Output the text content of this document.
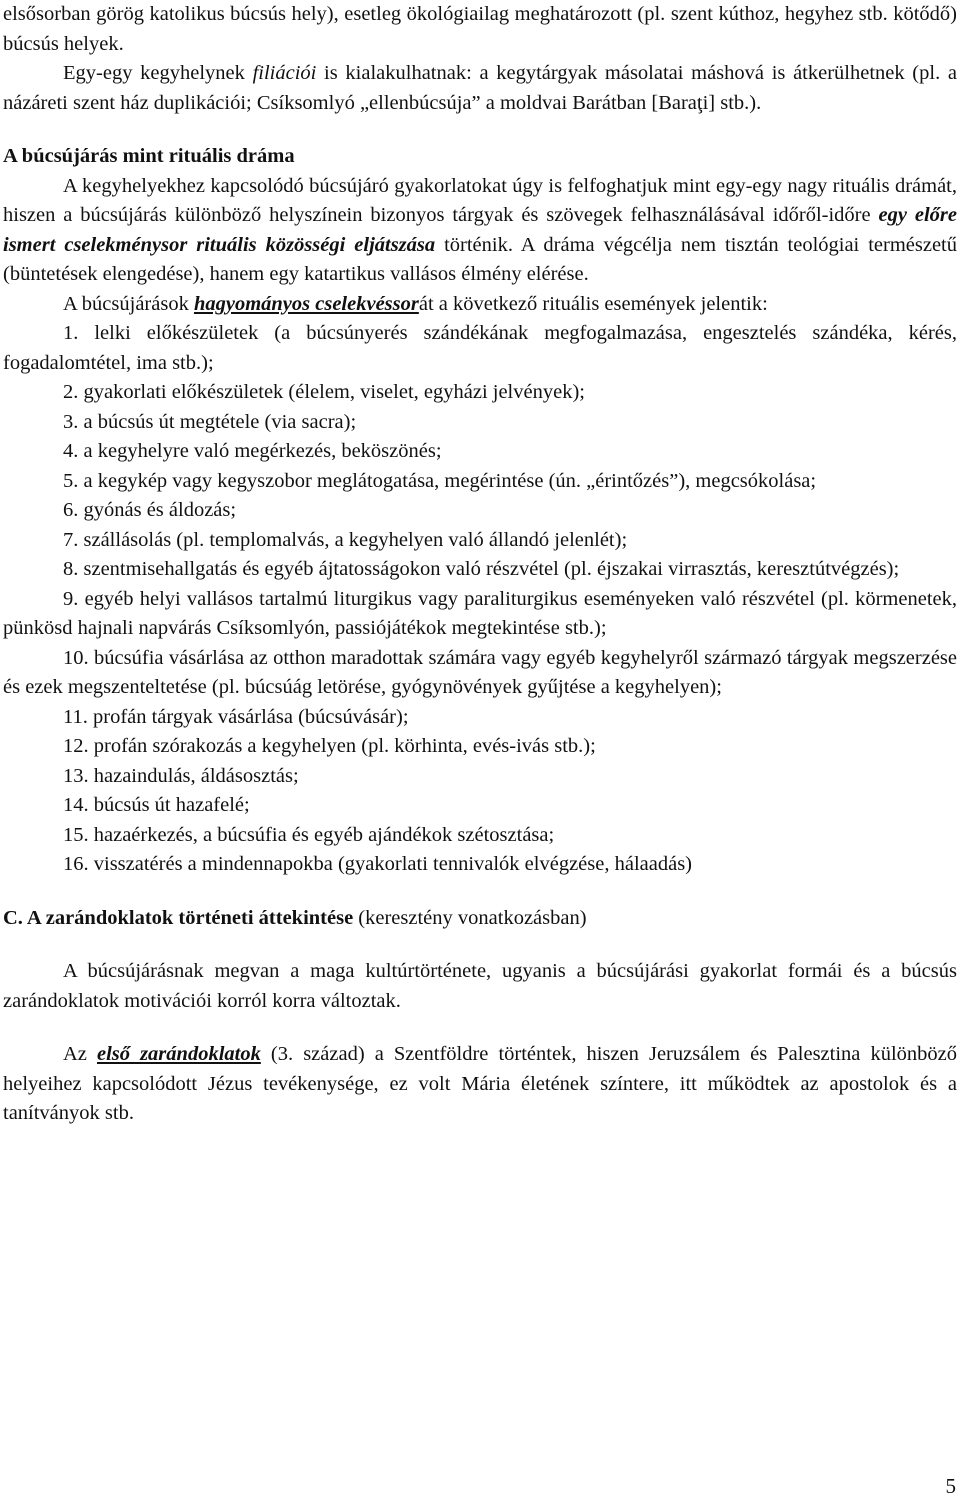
elsősorban görög katolikus búcsús hely), esetleg ökológiailag meghatározott (pl. szent kúthoz, hegyhez stb. kötődő) búcsús helyek.

Egy-egy kegyhelynek filiációi is kialakulhatnak: a kegytárgyak másolatai máshová is átkerülhetnek (pl. a názáreti szent ház duplikációi; Csíksomlyó „ellenbúcsúja” a moldvai Barátban [Baraţi] stb.).

A búcsújárás mint rituális dráma

A kegyhelyekhez kapcsolódó búcsújáró gyakorlatokat úgy is felfoghatjuk mint egy-egy nagy rituális drámát, hiszen a búcsújárás különböző helyszínein bizonyos tárgyak és szövegek felhasználásával időről-időre egy előre ismert cselekménysor rituális közösségi eljátszása történik. A dráma végcélja nem tisztán teológiai természetű (büntetések elengedése), hanem egy katartikus vallásos élmény elérése.

A búcsújárások hagyományos cselekvéssorát a következő rituális események jelentik:

1. lelki előkészületek (a búcsúnyerés szándékának megfogalmazása, engesztelés szándéka, kérés, fogadalomtétel, ima stb.);

2. gyakorlati előkészületek (élelem, viselet, egyházi jelvények);

3. a búcsús út megtétele (via sacra);

4. a kegyhelyre való megérkezés, beköszönés;

5. a kegykép vagy kegyszobor meglátogatása, megérintése (ún. „érintőzés”), megcsókolása;

6. gyónás és áldozás;

7. szállásolás (pl. templomalvás, a kegyhelyen való állandó jelenlét);

8. szentmisehallgatás és egyéb ájtatosságokon való részvétel (pl. éjszakai virrasztás, keresztútvégzés);

9. egyéb helyi vallásos tartalmú liturgikus vagy paraliturgikus eseményeken való részvétel (pl. körmenetek, pünkösd hajnali napvárás Csíksomlyón, passiójátékok megtekintése stb.);

10. búcsúfia vásárlása az otthon maradottak számára vagy egyéb kegyhelyről származó tárgyak megszerzése és ezek megszenteltetése (pl. búcsúág letörése, gyógynövények gyűjtése a kegyhelyen);

11. profán tárgyak vásárlása (búcsúvásár);

12. profán szórakozás a kegyhelyen (pl. körhinta, evés-ivás stb.);

13. hazaindulás, áldásosztás;

14. búcsús út hazafelé;

15. hazaérkezés, a búcsúfia és egyéb ajándékok szétosztása;

16. visszatérés a mindennapokba (gyakorlati tennivalók elvégzése, hálaadás)

C. A zarándoklatok történeti áttekintése (keresztény vonatkozásban)

A búcsújárásnak megvan a maga kultúrtörténete, ugyanis a búcsújárási gyakorlat formái és a búcsús zarándoklatok motivációi korról korra változtak.

Az első zarándoklatok (3. század) a Szentföldre történtek, hiszen Jeruzsálem és Palesztina különböző helyeihez kapcsolódott Jézus tevékenysége, ez volt Mária életének színtere, itt működtek az apostolok és a tanítványok stb.

5
